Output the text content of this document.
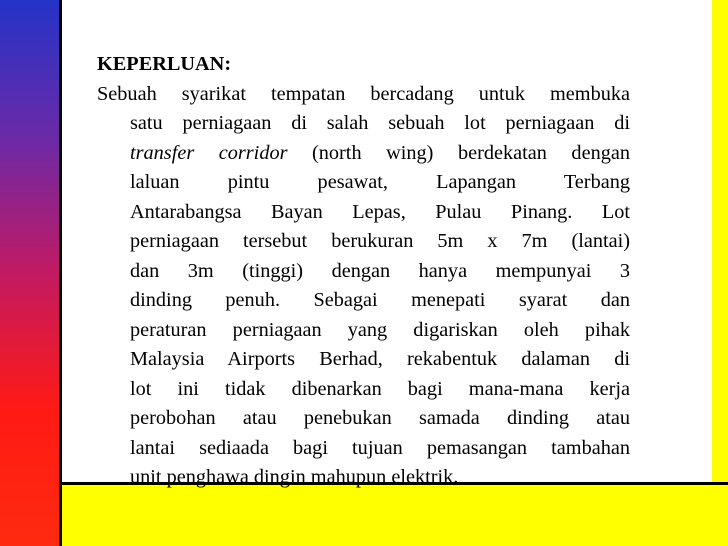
KEPERLUAN:

Sebuah syarikat tempatan bercadang untuk membuka
satu perniagaan di salah sebuah lot perniagaan di
transfer corridor (north wing) berdekatan dengan
laluan pintu pesawat, Lapangan Terbang
Antarabangsa Bayan Lepas, Pulau Pinang. Lot
perniagaan tersebut berukuran 5m x 7m (lantai)
dan 3m (tinggi) dengan hanya mempunyai 3
dinding penuh. Sebagai menepati syarat dan
peraturan perniagaan yang digariskan oleh pihak
Malaysia Airports Berhad, rekabentuk dalaman di
lot ini tidak dibenarkan bagi mana-mana kerja
perobohan atau penebukan samada dinding atau
lantai sediaada bagi tujuan pemasangan tambahan
unit penghawa dingin mahupun elektrik.
